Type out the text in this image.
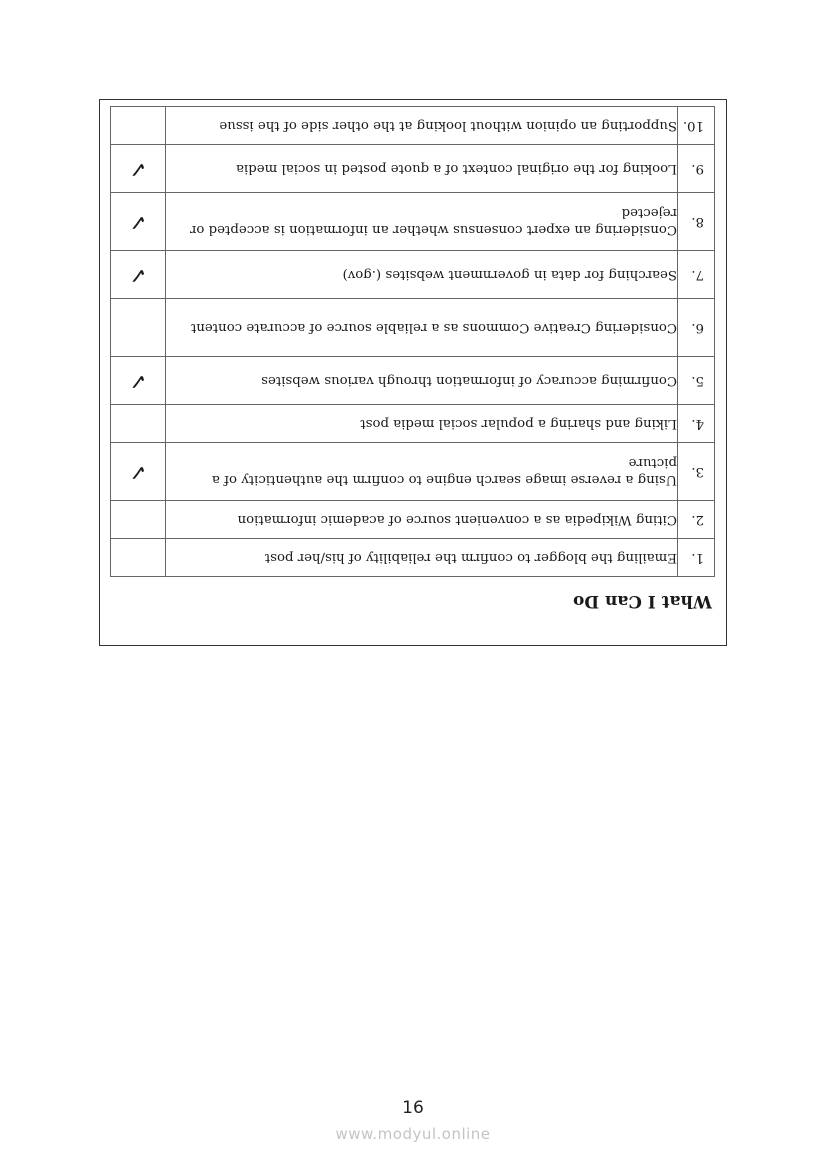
What I Can Do
1.	Emailing the blogger to confirm the reliability of his/her post	
2.	Citing Wikipedia as a convenient source of academic information	
3.	Using a reverse image search engine to confirm the authenticity of a picture	✓
4.	Liking and sharing a popular social media post	
5.	Confirming accuracy of information through various websites	✓
6.	Considering Creative Commons as a reliable source of accurate content	
7.	Searching for data in government websites (.gov)	✓
8.	Considering an expert consensus whether an information is accepted or rejected	✓
9.	Looking for the original context of a quote posted in social media	✓
10.	Supporting an opinion without looking at the other side of the issue	
16
www.modyul.online
